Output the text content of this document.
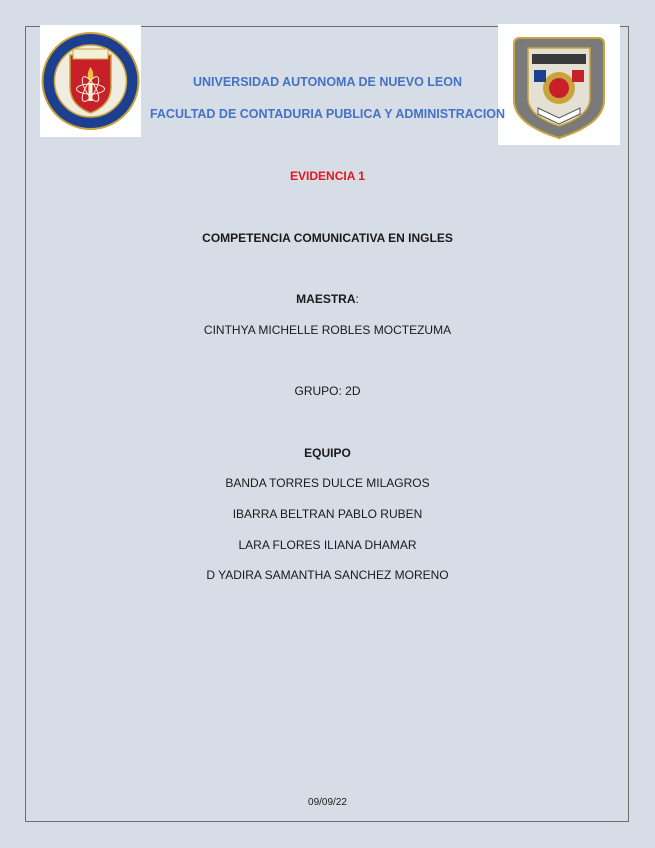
UNIVERSIDAD AUTONOMA DE NUEVO LEON
FACULTAD DE CONTADURIA PUBLICA Y ADMINISTRACION
EVIDENCIA 1
COMPETENCIA COMUNICATIVA EN INGLES
MAESTRA:
CINTHYA MICHELLE ROBLES MOCTEZUMA
GRUPO: 2D
EQUIPO
BANDA TORRES DULCE MILAGROS
IBARRA BELTRAN PABLO RUBEN
LARA FLORES ILIANA DHAMAR
D YADIRA SAMANTHA SANCHEZ MORENO
09/09/22
